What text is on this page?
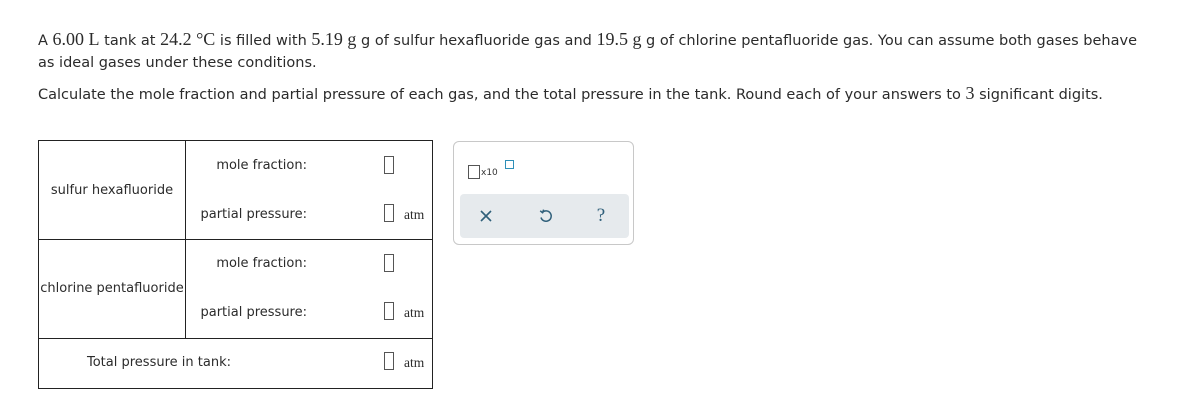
A 6.00 L tank at 24.2 °C is filled with 5.19 g g of sulfur hexafluoride gas and 19.5 g g of chlorine pentafluoride gas. You can assume both gases behave as ideal gases under these conditions.

Calculate the mole fraction and partial pressure of each gas, and the total pressure in the tank. Round each of your answers to 3 significant digits.

sulfur hexafluoride
mole fraction:
partial pressure:	atm
chlorine pentafluoride
mole fraction:
partial pressure:	atm
Total pressure in tank:	atm
x10
?
